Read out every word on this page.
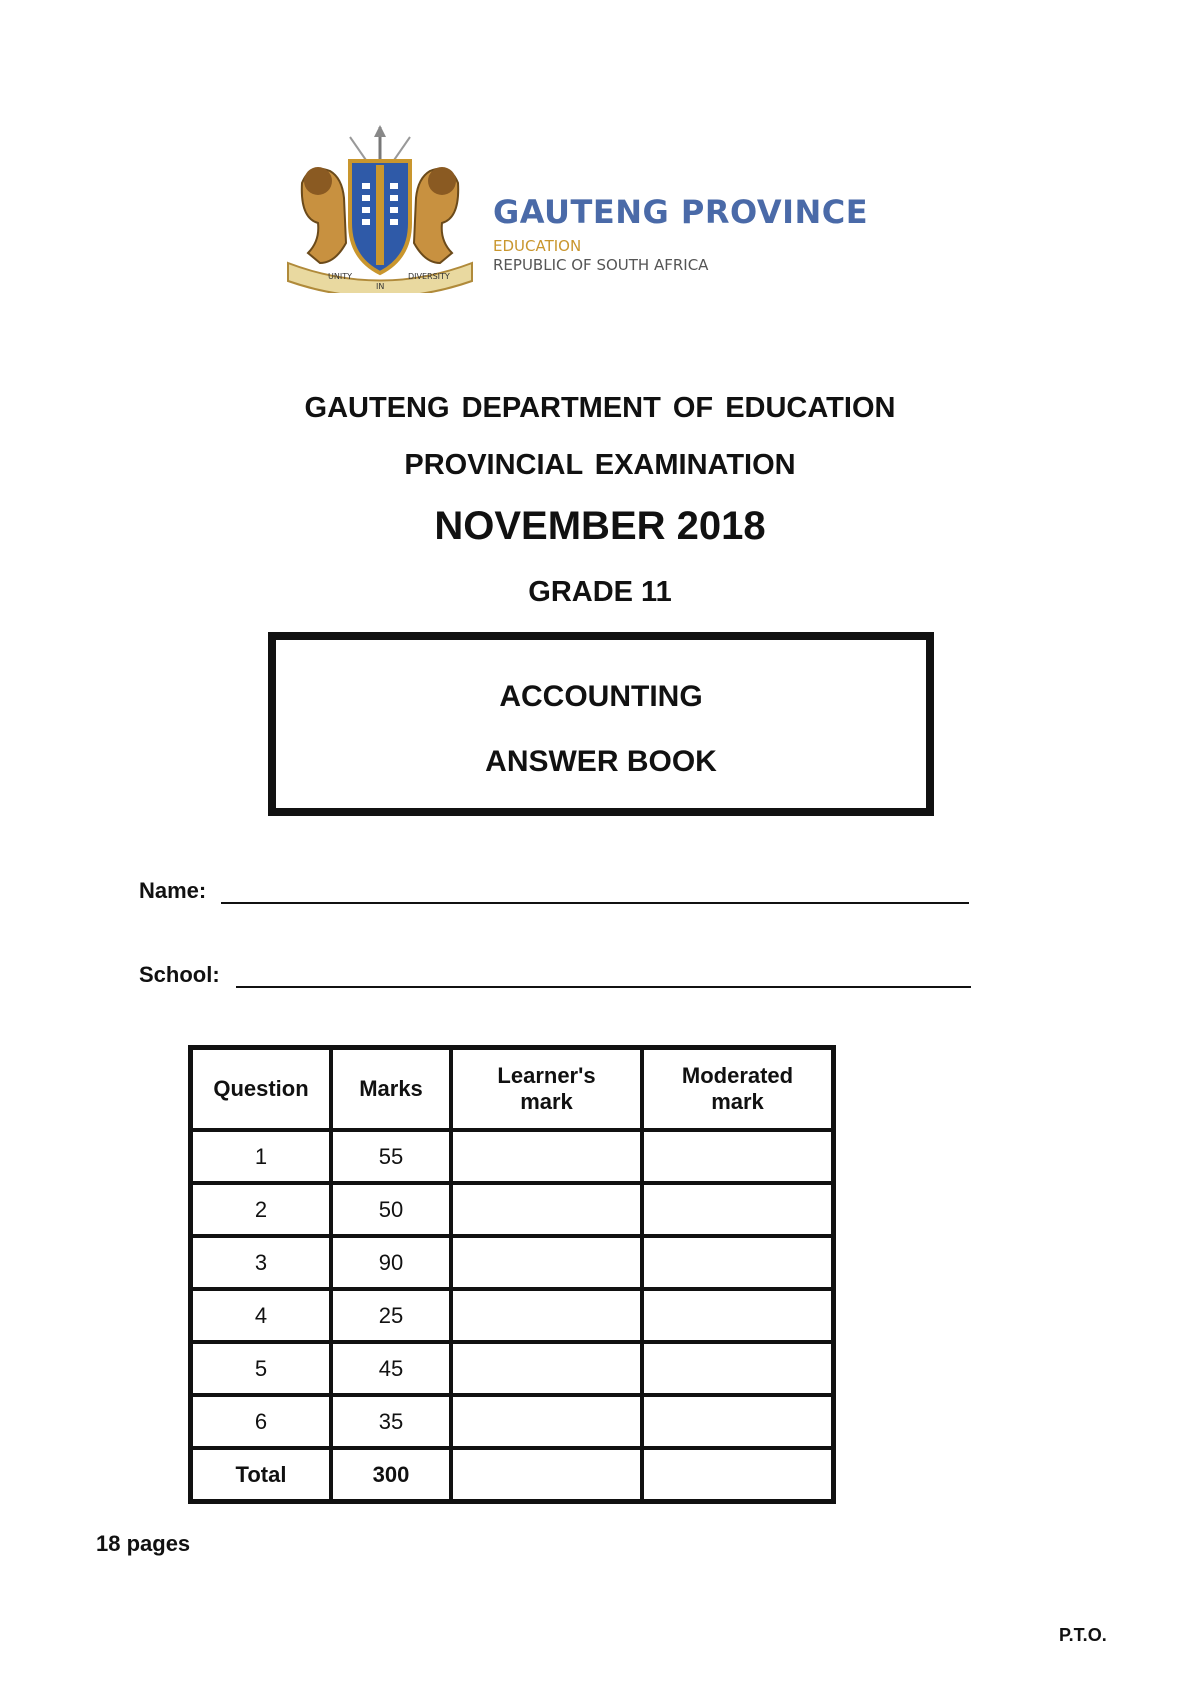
UNITY
IN
DIVERSITY
GAUTENG PROVINCE
EDUCATION
REPUBLIC OF SOUTH AFRICA
GAUTENG DEPARTMENT OF EDUCATION
PROVINCIAL EXAMINATION
NOVEMBER 2018
GRADE 11
ACCOUNTING
ANSWER BOOK
Name:
School:
Question	Marks	Learner's mark	Moderated mark
1	55		
2	50		
3	90		
4	25		
5	45		
6	35		
Total	300		
18 pages
P.T.O.
